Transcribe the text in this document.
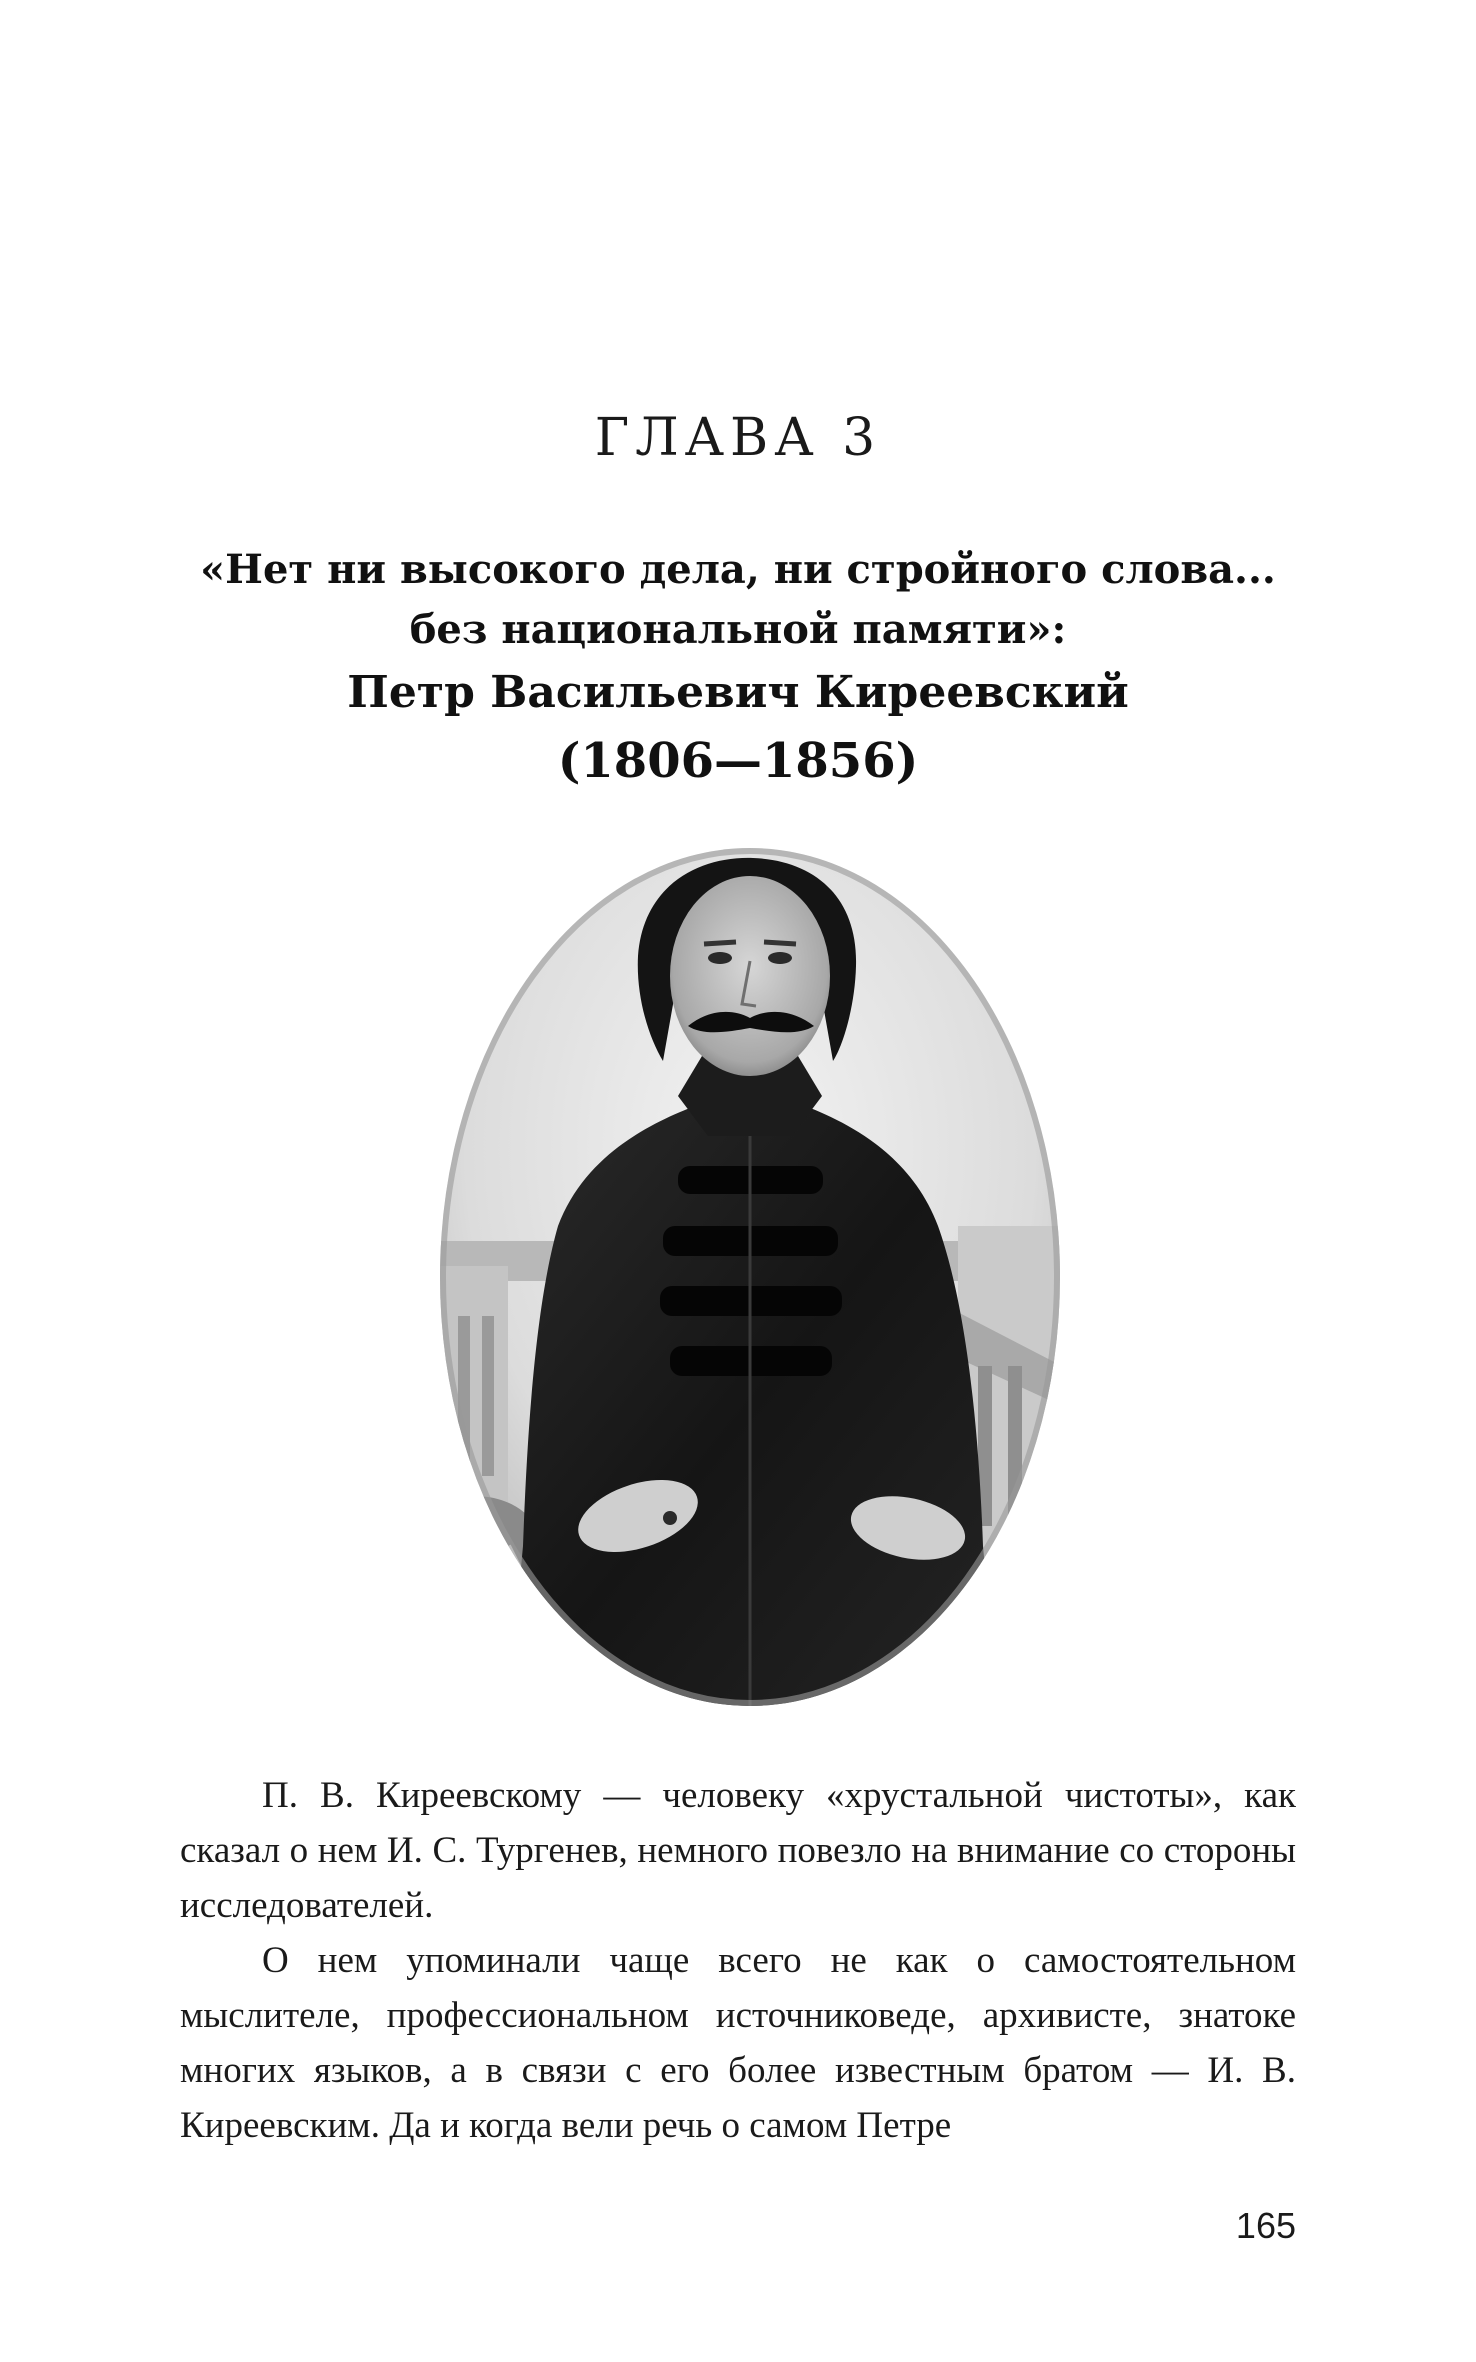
ГЛАВА 3
«Нет ни высокого дела, ни стройного слова...
без национальной памяти»:
Петр Васильевич Киреевский
(1806—1856)

П. В. Киреевскому — человеку «хрустальной чистоты», как сказал о нем И. С. Тургенев, немного повезло на внимание со стороны исследователей.

О нем упоминали чаще всего не как о самостоятельном мыслителе, профессиональном источниковеде, архивисте, знатоке многих языков, а в связи с его более известным братом — И. В. Киреевским. Да и когда вели речь о самом Петре

165
